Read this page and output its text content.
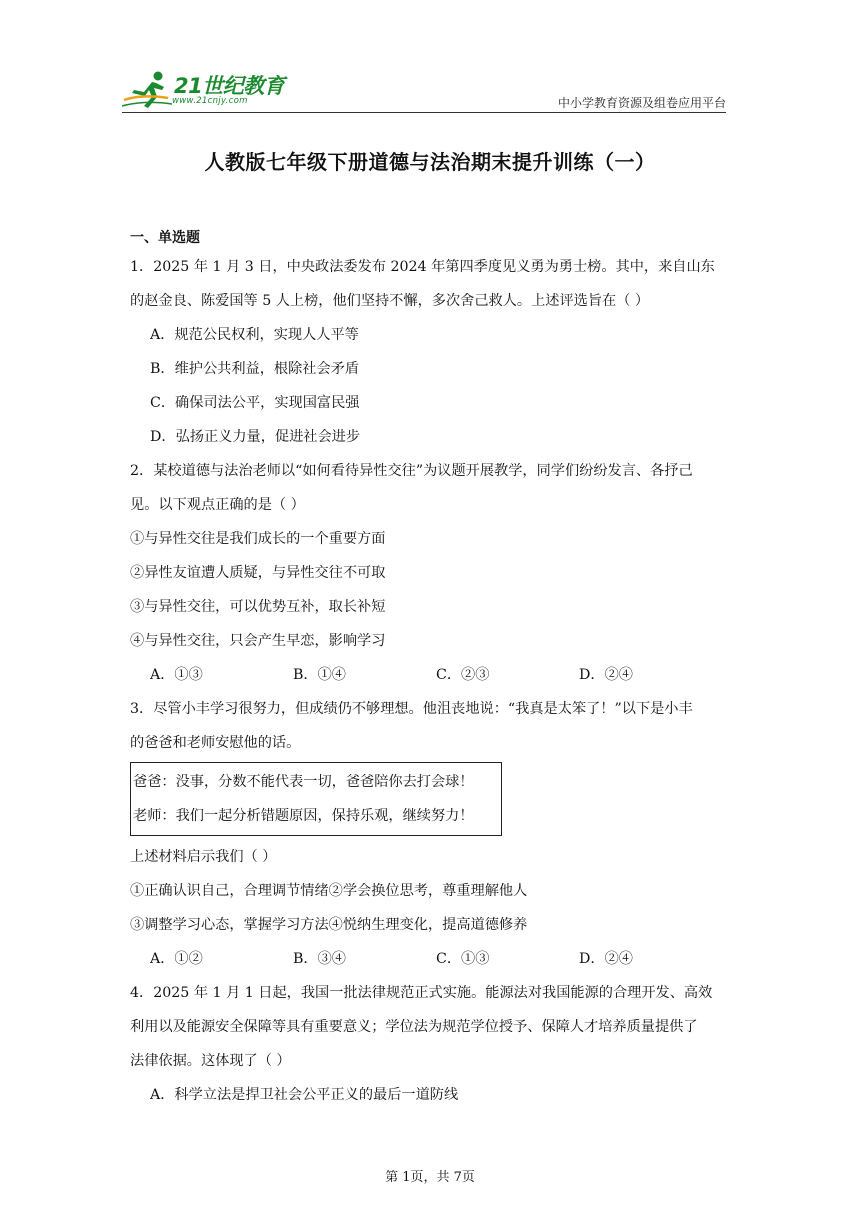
21世纪教育
www.21cnjy.com	中小学教育资源及组卷应用平台
人教版七年级下册道德与法治期末提升训练（一）
一、单选题
1．2025 年 1 月 3 日，中央政法委发布 2024 年第四季度见义勇为勇士榜。其中，来自山东
的赵金良、陈爱国等 5 人上榜，他们坚持不懈，多次舍己救人。上述评选旨在（ ）
A．规范公民权利，实现人人平等
B．维护公共利益，根除社会矛盾
C．确保司法公平，实现国富民强
D．弘扬正义力量，促进社会进步
2．某校道德与法治老师以“如何看待异性交往”为议题开展教学，同学们纷纷发言、各抒己
见。以下观点正确的是（ ）
①与异性交往是我们成长的一个重要方面
②异性友谊遭人质疑，与异性交往不可取
③与异性交往，可以优势互补，取长补短
④与异性交往，只会产生早恋，影响学习
A．①③	B．①④	C．②③	D．②④
3．尽管小丰学习很努力，但成绩仍不够理想。他沮丧地说：“我真是太笨了！”以下是小丰
的爸爸和老师安慰他的话。
爸爸：没事，分数不能代表一切，爸爸陪你去打会球！
老师：我们一起分析错题原因，保持乐观，继续努力！
上述材料启示我们（ ）
①正确认识自己，合理调节情绪②学会换位思考，尊重理解他人
③调整学习心态，掌握学习方法④悦纳生理变化，提高道德修养
A．①②	B．③④	C．①③	D．②④
4．2025 年 1 月 1 日起，我国一批法律规范正式实施。能源法对我国能源的合理开发、高效
利用以及能源安全保障等具有重要意义；学位法为规范学位授予、保障人才培养质量提供了
法律依据。这体现了（ ）
A．科学立法是捍卫社会公平正义的最后一道防线
第 1页，共 7页
